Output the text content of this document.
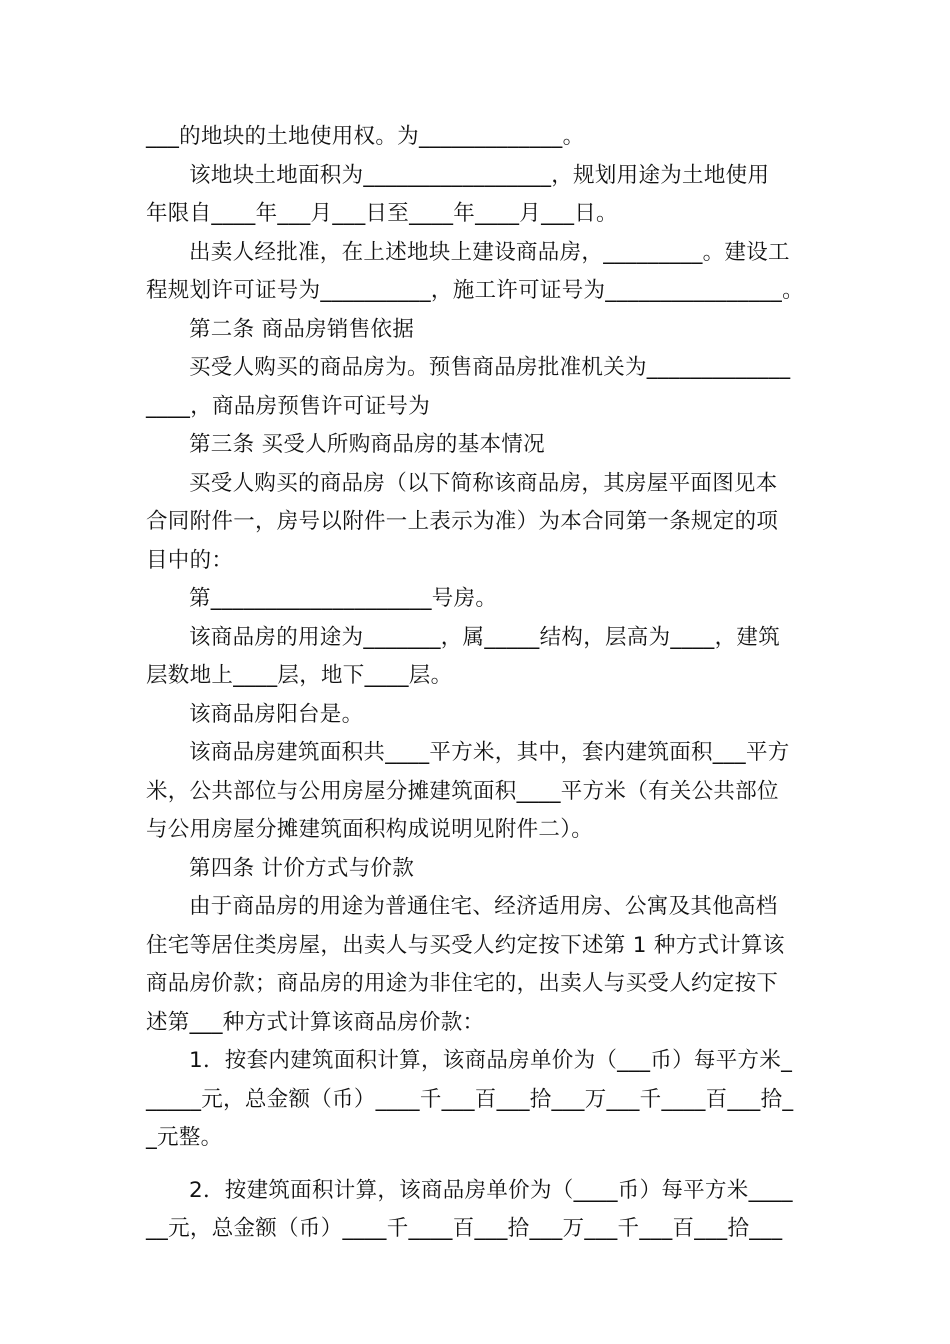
___的地块的土地使用权。为_____________。
该地块土地面积为_________________，规划用途为土地使用
年限自____年___月___日至____年____月___日。
出卖人经批准，在上述地块上建设商品房，_________。建设工
程规划许可证号为__________，施工许可证号为________________。
第二条 商品房销售依据
买受人购买的商品房为。预售商品房批准机关为_____________
____，商品房预售许可证号为
第三条 买受人所购商品房的基本情况
买受人购买的商品房（以下简称该商品房，其房屋平面图见本
合同附件一，房号以附件一上表示为准）为本合同第一条规定的项
目中的：
第____________________号房。
该商品房的用途为_______，属_____结构，层高为____，建筑
层数地上____层，地下____层。
该商品房阳台是。
该商品房建筑面积共____平方米，其中，套内建筑面积___平方
米，公共部位与公用房屋分摊建筑面积____平方米（有关公共部位
与公用房屋分摊建筑面积构成说明见附件二）。
第四条 计价方式与价款
由于商品房的用途为普通住宅、经济适用房、公寓及其他高档
住宅等居住类房屋，出卖人与买受人约定按下述第 1 种方式计算该
商品房价款；商品房的用途为非住宅的，出卖人与买受人约定按下
述第___种方式计算该商品房价款：
1．按套内建筑面积计算，该商品房单价为（___币）每平方米_
_____元，总金额（币）____千___百___拾___万___千____百___拾_
_元整。
2．按建筑面积计算，该商品房单价为（____币）每平方米____
__元，总金额（币）____千____百___拾___万___千___百___拾___
